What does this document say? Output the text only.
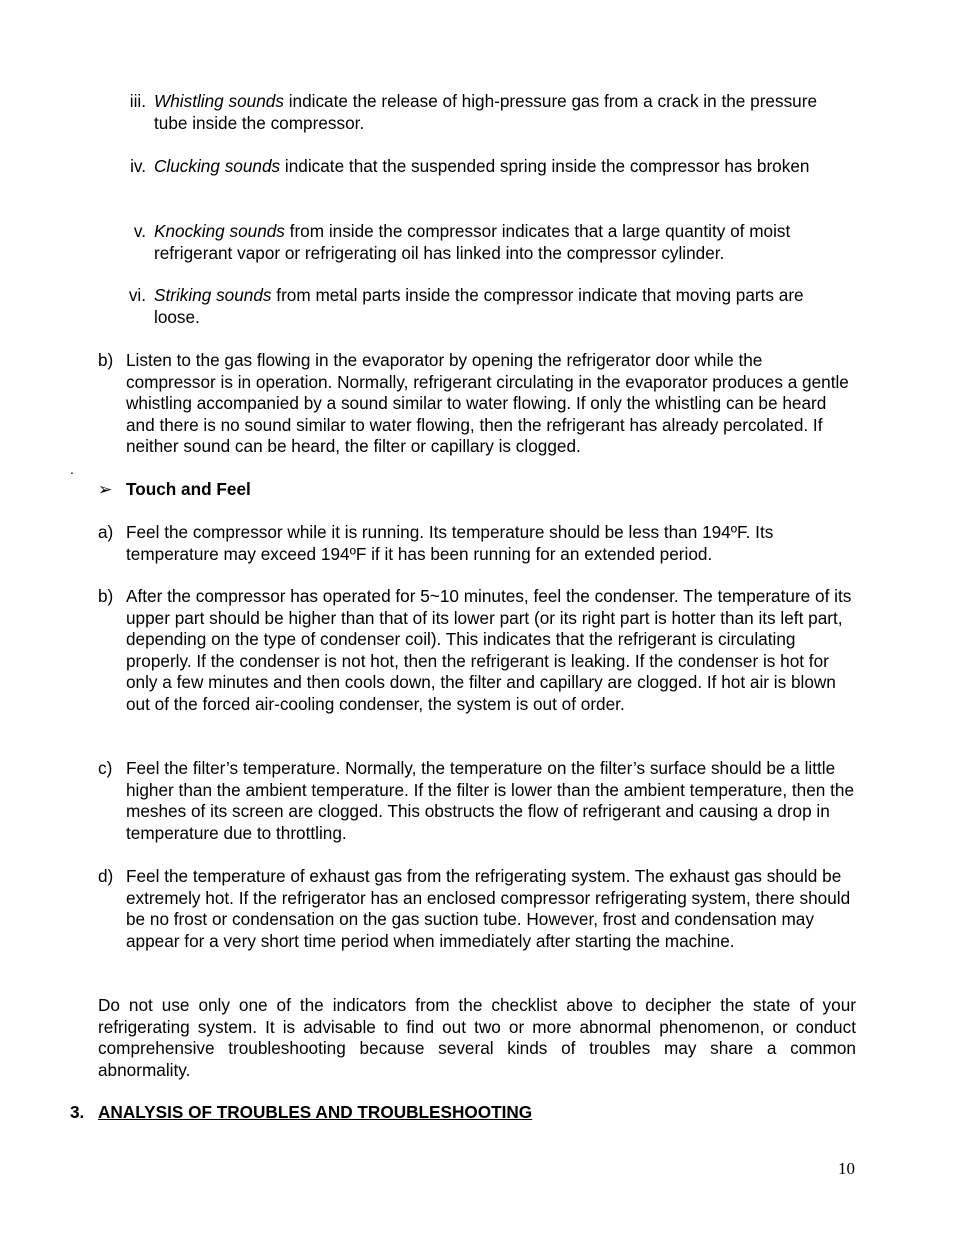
iii. Whistling sounds indicate the release of high-pressure gas from a crack in the pressure tube inside the compressor.
iv. Clucking sounds indicate that the suspended spring inside the compressor has broken
v. Knocking sounds from inside the compressor indicates that a large quantity of moist refrigerant vapor or refrigerating oil has linked into the compressor cylinder.
vi. Striking sounds from metal parts inside the compressor indicate that moving parts are loose.
b) Listen to the gas flowing in the evaporator by opening the refrigerator door while the compressor is in operation. Normally, refrigerant circulating in the evaporator produces a gentle whistling accompanied by a sound similar to water flowing. If only the whistling can be heard and there is no sound similar to water flowing, then the refrigerant has already percolated. If neither sound can be heard, the filter or capillary is clogged.
.
➢ Touch and Feel
a) Feel the compressor while it is running. Its temperature should be less than 194ºF. Its temperature may exceed 194ºF if it has been running for an extended period.
b) After the compressor has operated for 5~10 minutes, feel the condenser. The temperature of its upper part should be higher than that of its lower part (or its right part is hotter than its left part, depending on the type of condenser coil). This indicates that the refrigerant is circulating properly. If the condenser is not hot, then the refrigerant is leaking. If the condenser is hot for only a few minutes and then cools down, the filter and capillary are clogged. If hot air is blown out of the forced air-cooling condenser, the system is out of order.
c) Feel the filter’s temperature. Normally, the temperature on the filter’s surface should be a little higher than the ambient temperature. If the filter is lower than the ambient temperature, then the meshes of its screen are clogged. This obstructs the flow of refrigerant and causing a drop in temperature due to throttling.
d) Feel the temperature of exhaust gas from the refrigerating system. The exhaust gas should be extremely hot. If the refrigerator has an enclosed compressor refrigerating system, there should be no frost or condensation on the gas suction tube. However, frost and condensation may appear for a very short time period when immediately after starting the machine.

Do not use only one of the indicators from the checklist above to decipher the state of your refrigerating system. It is advisable to find out two or more abnormal phenomenon, or conduct comprehensive troubleshooting because several kinds of troubles may share a common abnormality.

3. ANALYSIS OF TROUBLES AND TROUBLESHOOTING
10
